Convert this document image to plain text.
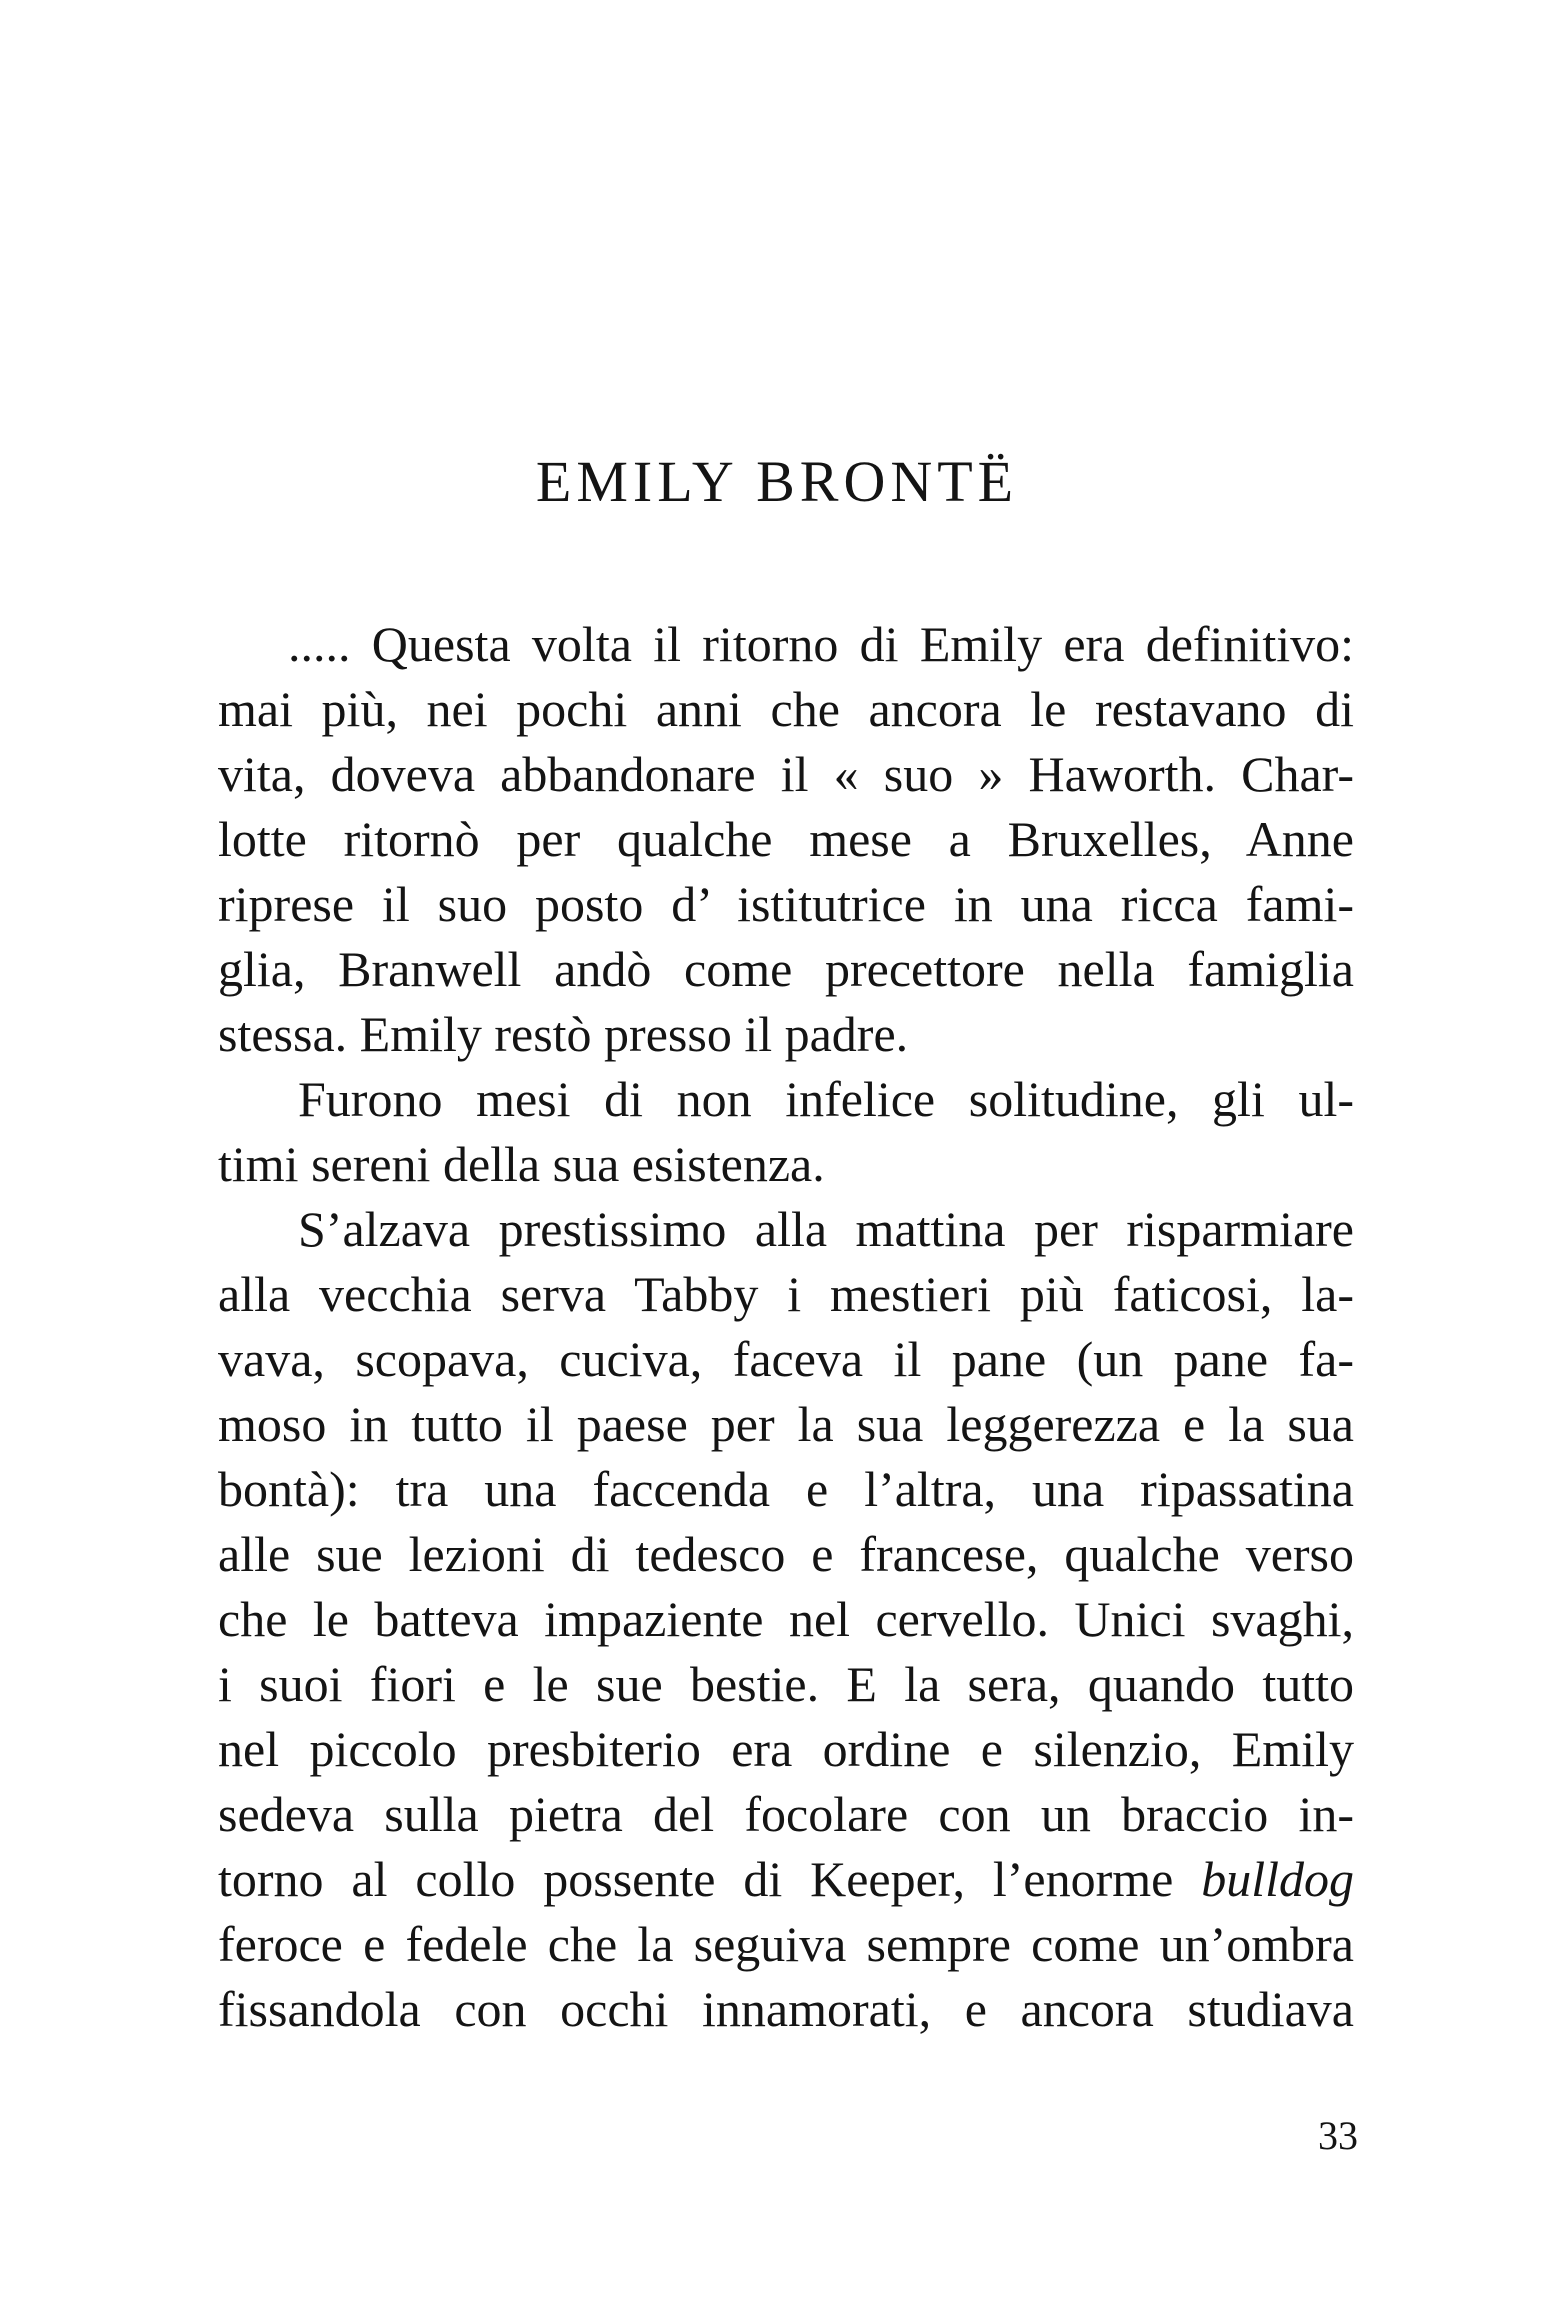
EMILY BRONTË
..... Questa volta il ritorno di Emily era definitivo:
mai più, nei pochi anni che ancora le restavano di
vita, doveva abbandonare il « suo » Haworth. Char-
lotte ritornò per qualche mese a Bruxelles, Anne
riprese il suo posto d’ istitutrice in una ricca fami-
glia, Branwell andò come precettore nella famiglia
stessa. Emily restò presso il padre.
Furono mesi di non infelice solitudine, gli ul-
timi sereni della sua esistenza.
S’alzava prestissimo alla mattina per risparmiare
alla vecchia serva Tabby i mestieri più faticosi, la-
vava, scopava, cuciva, faceva il pane (un pane fa-
moso in tutto il paese per la sua leggerezza e la sua
bontà): tra una faccenda e l’altra, una ripassatina
alle sue lezioni di tedesco e francese, qualche verso
che le batteva impaziente nel cervello. Unici svaghi,
i suoi fiori e le sue bestie. E la sera, quando tutto
nel piccolo presbiterio era ordine e silenzio, Emily
sedeva sulla pietra del focolare con un braccio in-
torno al collo possente di Keeper, l’enorme bulldog
feroce e fedele che la seguiva sempre come un’ombra
fissandola con occhi innamorati, e ancora studiava
33
